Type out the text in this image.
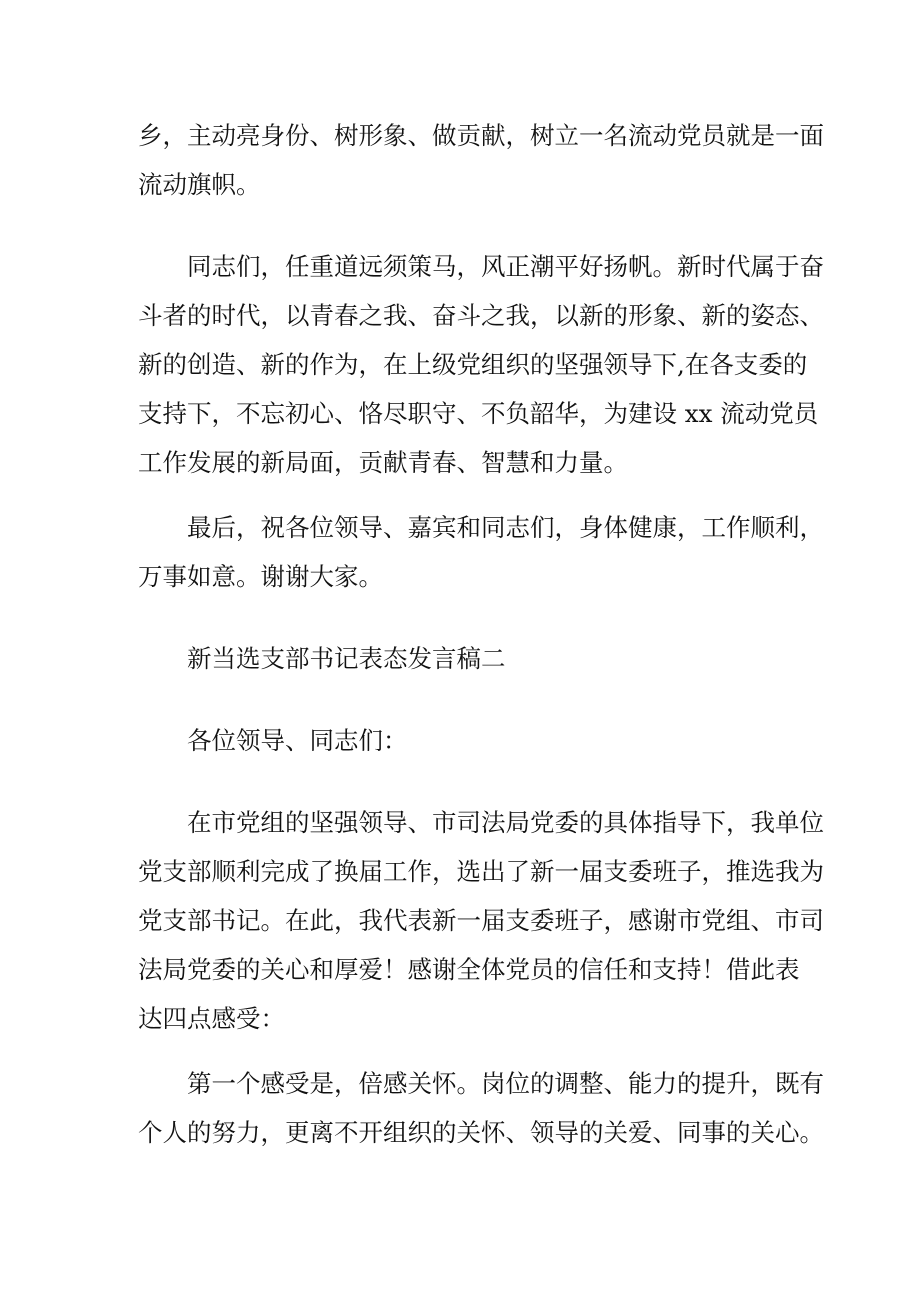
乡，主动亮身份、树形象、做贡献，树立一名流动党员就是一面
流动旗帜。
同志们，任重道远须策马，风正潮平好扬帆。新时代属于奋
斗者的时代，以青春之我、奋斗之我，以新的形象、新的姿态、
新的创造、新的作为，在上级党组织的坚强领导下,在各支委的
支持下，不忘初心、恪尽职守、不负韶华，为建设 xx 流动党员
工作发展的新局面，贡献青春、智慧和力量。
最后，祝各位领导、嘉宾和同志们，身体健康，工作顺利，
万事如意。谢谢大家。
新当选支部书记表态发言稿二
各位领导、同志们：
在市党组的坚强领导、市司法局党委的具体指导下，我单位
党支部顺利完成了换届工作，选出了新一届支委班子，推选我为
党支部书记。在此，我代表新一届支委班子，感谢市党组、市司
法局党委的关心和厚爱！感谢全体党员的信任和支持！借此表
达四点感受：
第一个感受是，倍感关怀。岗位的调整、能力的提升，既有
个人的努力，更离不开组织的关怀、领导的关爱、同事的关心。
